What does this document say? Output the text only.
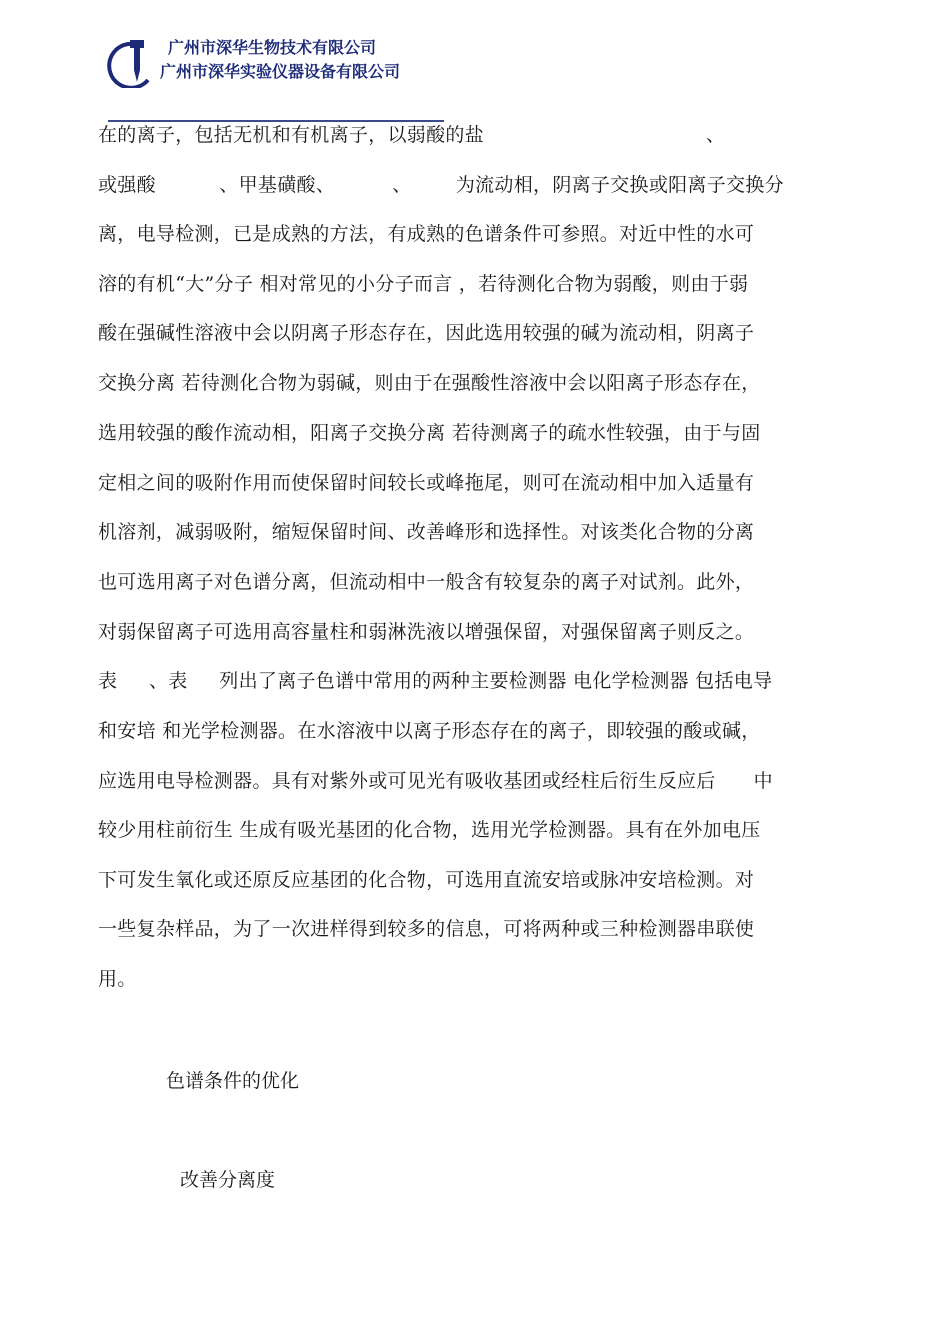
广州市深华生物技术有限公司
广州市深华实验仪器设备有限公司
在的离子，包括无机和有机离子，以弱酸的盐                                   、
或强酸          、甲基磺酸、         、       为流动相，阴离子交换或阳离子交换分
离，电导检测，已是成熟的方法，有成熟的色谱条件可参照。对近中性的水可
溶的有机“大”分子 相对常见的小分子而言 ，若待测化合物为弱酸，则由于弱
酸在强碱性溶液中会以阴离子形态存在，因此选用较强的碱为流动相，阴离子
交换分离 若待测化合物为弱碱，则由于在强酸性溶液中会以阳离子形态存在，
选用较强的酸作流动相，阳离子交换分离 若待测离子的疏水性较强，由于与固
定相之间的吸附作用而使保留时间较长或峰拖尾，则可在流动相中加入适量有
机溶剂，减弱吸附，缩短保留时间、改善峰形和选择性。对该类化合物的分离
也可选用离子对色谱分离，但流动相中一般含有较复杂的离子对试剂。此外，
对弱保留离子可选用高容量柱和弱淋洗液以增强保留，对强保留离子则反之。
表     、表     列出了离子色谱中常用的两种主要检测器 电化学检测器 包括电导
和安培 和光学检测器。在水溶液中以离子形态存在的离子，即较强的酸或碱，
应选用电导检测器。具有对紫外或可见光有吸收基团或经柱后衍生反应后      中
较少用柱前衍生 生成有吸光基团的化合物，选用光学检测器。具有在外加电压
下可发生氧化或还原反应基团的化合物，可选用直流安培或脉冲安培检测。对
一些复杂样品，为了一次进样得到较多的信息，可将两种或三种检测器串联使
用。
色谱条件的优化
改善分离度
